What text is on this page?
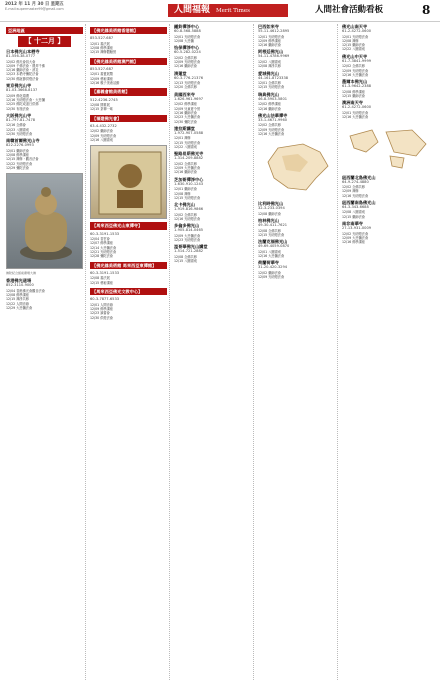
2012 年 11 月 30 日 星期五
E-mail:supermaster99@gmail.com	人間福報 Merit Times	人間社會活動看板	8
亞洲地區
【 十二月 】
日本佛光山本栖寺
81-556-38-0777
12/02 佛光會員大會
12/09 千佛法會・禮拜千佛
12/16 藥師法會・消災
12/23 本栖寺彌陀法會
12/30 佛誕節供燈法會
東京佛光山寺
81-03-3668-8137
12/09 佛化婚禮
12/16 光明燈法會・大悲懺
12/25 佛陀成道日供佛
12/30 布施法會
大阪佛光山寺
81-797-81-7478
12/16 念佛會
12/23 八關齋戒
12/30 光明燈法會
南韓首爾佛光山寺
822-2276-0993
12/01 藥師法會
12/08 佛學講座
12/15 禪修・觀音法會
12/22 光明燈法會
12/29 彌陀法會
佛陀紀念館前廣場大佛
香港佛光道場
852-3110-9000
12/04 香港佛光會觀音法會
12/08 佛學講座
12/15 禪淨共修
12/22 人間音緣
12/29 大悲懺法會
【佛光緣美術館香港館】
853-527-687
12/01 書法展
12/08 佛學講座
12/15 禪修體驗營
【佛光緣美術館澳門館】
853-527-687
12/01 書畫展覽
12/09 藝術講座
12/16 親子美術活動
【嘉義會館美術館】
512-4236-2745
12/08 開幕展
12/15 茶禪一味
【福建佛光會】
63-4-432-2732
12/02 藥師法會
12/09 光明燈法會
12/16 八關齋戒
【馬來西亞佛光山東禪寺】
60-3-3191-1533
12/04 香雲會
12/07 佛學講座
12/14 大悲懺法會
12/21 光明燈法會
12/28 彌陀法會
【佛光緣美術館 馬來西亞東禪館】
60-3-3191-1533
12/08 書法展
12/15 藝術講座
【馬來西亞佛光文教中心】
60-3-7877-6533
12/01 人間音緣
12/09 佛學講座
12/23 讀書會
12/30 供燈法會
鍾鈴禪淨中心
60-8-568-5888
12/01 光明燈法會
12/08 大悲懺
怡保禪淨中心
60-5-282-0224
12/02 念佛共修
12/09 光明燈法會
12/16 藥師法會
清蓮堂
60-3-776-21376
12/13 光明燈法會
12/20 念佛共修
美國西來寺
1-626-961-9697
12/02 佛學講座
12/09 兒童夏令營
12/16 藥師法會
12/23 大悲懺法會
12/30 彌陀法會
達拉斯講堂
1-972-907-0588
12/01 禪修
12/15 光明燈法會
12/22 八關齋戒
聖路易斯佛光寺
1-314-209-8882
12/02 念佛共修
12/09 大悲懺法會
12/16 藥師法會
芝加哥禪淨中心
1-630-910-1243
12/01 藥師法會
12/08 禪修
12/15 光明燈法會
北卡佛光山
1-919-816-9866
12/02 念佛共修
12/16 光明燈法會
多倫多佛光山
1-905-814-0465
12/09 大悲懺法會
12/23 光明燈法會
溫哥華佛光山講堂
1-514-721-2882
12/08 念佛共修
12/15 八關齋戒
巴西如來寺
55-11-4612-2895
12/01 光明燈法會
12/09 佛學講座
12/16 藥師法會
阿根廷佛光山
54-11-4786-9969
12/02 八關齋戒
12/08 禪淨共修
愛城佛光山
44-161-8723338
12/01 念佛共修
12/15 光明燈法會
瑞典佛光山
46-8-5903-5801
12/02 佛學講座
12/16 藥師法會
佛光山法華禪寺
33-1-4671-9960
12/02 念佛共修
12/09 光明燈法會
12/16 大悲懺法會
比利時佛光山
32-3-233-0394
12/08 藥師法會
柏林佛光山
49-30-411-7621
12/08 念佛共修
12/15 光明燈法會
法蘭克福佛光山
49-69-4059-0870
12/01 八關齋戒
12/16 大悲懺法會
荷蘭荷華寺
31-20-420-3294
12/02 藥師法會
12/09 光明燈法會
佛光山南天寺
61-2-4272-0600
12/01 光明燈法會
12/08 禪修
12/15 藥師法會
12/22 八關齋戒
佛光山中天寺
61-7-3841-9999
12/02 念佛共修
12/09 光明燈法會
12/16 大悲懺法會
墨爾本佛光山
61-3-9642-2388
12/08 佛學講座
12/15 藥師法會
澳洲南天寺
61-2-4272-0600
12/01 光明燈法會
12/16 大悲懺法會
紐西蘭北島佛光山
64-9-274-4880
12/02 念佛共修
12/09 禪修
12/16 光明燈法會
紐西蘭南島佛光山
64-3-343-6688
12/08 八關齋戒
12/15 藥師法會
南非南華寺
27-13-931-0009
12/02 光明燈法會
12/09 大悲懺法會
12/16 佛學講座
